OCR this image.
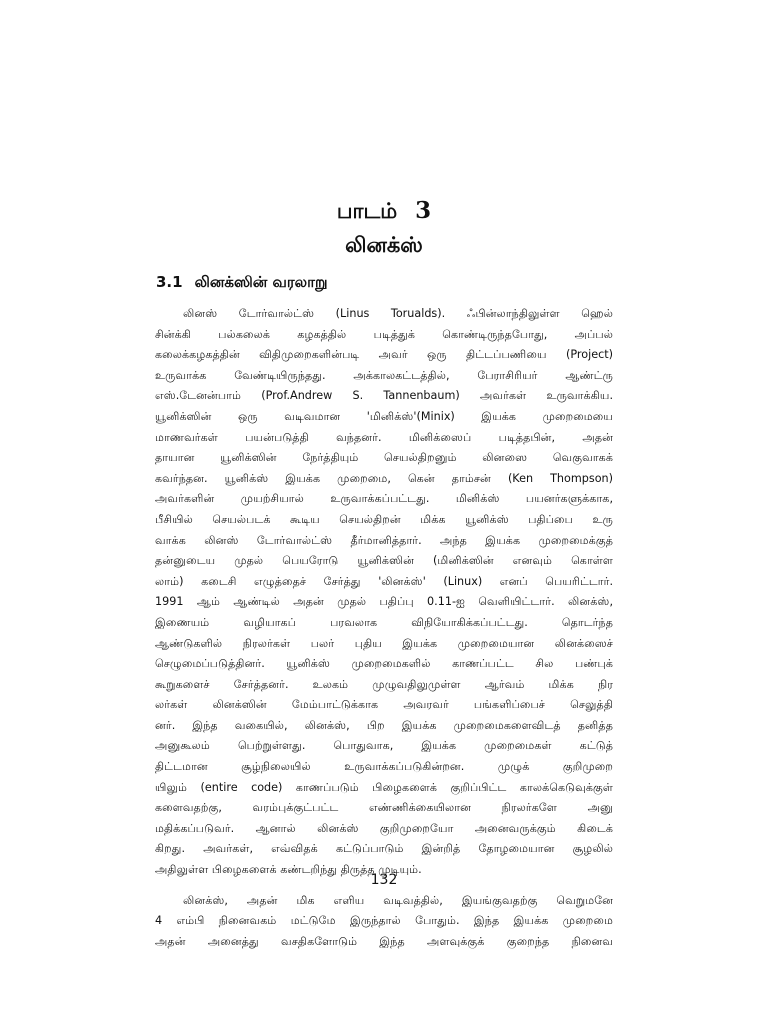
பாடம் 3
லினக்ஸ்
3.1 லினக்ஸின் வரலாறு
லினஸ் டோர்வால்ட்ஸ் (Linus Torualds). ஃபின்லாந்திலுள்ள ஹெல்
சின்க்கி பல்கலைக் கழகத்தில் படித்துக் கொண்டிருந்தபோது, அப்பல்
கலைக்கழகத்தின் விதிமுறைகளின்படி அவர் ஒரு திட்டப்பணியை (Project)
உருவாக்க வேண்டியிருந்தது. அக்காலகட்டத்தில், பேராசிரியர் ஆண்ட்ரு
எஸ்.டேனன்பாம் (Prof.Andrew S. Tannenbaum) அவர்கள் உருவாக்கிய.
யூனிக்ஸின் ஒரு வடிவமான 'மினிக்ஸ்'(Minix) இயக்க முறைமையை
மாணவர்கள் பயன்படுத்தி வந்தனர். மினிக்ஸைப் படித்தபின், அதன்
தாயான யூனிக்ஸின் நேர்த்தியும் செயல்திறனும் லினஸை வெகுவாகக்
கவர்ந்தன. யூனிக்ஸ் இயக்க முறைமை, கென் தாம்சன் (Ken Thompson)
அவர்களின் முயற்சியால் உருவாக்கப்பட்டது. மினிக்ஸ் பயனர்களுக்காக,
பீசியில் செயல்படக் கூடிய செயல்திறன் மிக்க யூனிக்ஸ் பதிப்பை உரு
வாக்க லினஸ் டோர்வால்ட்ஸ் தீர்மானித்தார். அந்த இயக்க முறைமைக்குத்
தன்னுடைய முதல் பெயரோடு யூனிக்ஸின் (மினிக்ஸின் எனவும் கொள்ள
லாம்) கடைசி எழுத்தைச் சேர்த்து 'லினக்ஸ்' (Linux) எனப் பெயரிட்டார்.
1991 ஆம் ஆண்டில் அதன் முதல் பதிப்பு 0.11-ஐ வெளியிட்டார். லினக்ஸ்,
இணையம் வழியாகப் பரவலாக விநியோகிக்கப்பட்டது. தொடர்ந்த
ஆண்டுகளில் நிரலர்கள் பலர் புதிய இயக்க முறைமையான லினக்ஸைச்
செழுமைப்படுத்தினர். யூனிக்ஸ் முறைமைகளில் காணப்பட்ட சில பண்புக்
கூறுகளைச் சேர்த்தனர். உலகம் முழுவதிலுமுள்ள ஆர்வம் மிக்க நிர
லர்கள் லினக்ஸின் மேம்பாட்டுக்காக அவரவர் பங்களிப்பைச் செலுத்தி
னர். இந்த வகையில், லினக்ஸ், பிற இயக்க முறைமைகளைவிடத் தனித்த
அனுகூலம் பெற்றுள்ளது. பொதுவாக, இயக்க முறைமைகள் கட்டுத்
திட்டமான சூழ்நிலையில் உருவாக்கப்படுகின்றன. முழுக் குறிமுறை
யிலும் (entire code) காணப்படும் பிழைகளைக் குறிப்பிட்ட காலக்கெடுவுக்குள்
களைவதற்கு, வரம்புக்குட்பட்ட எண்ணிக்கையிலான நிரலர்களே அனு
மதிக்கப்படுவர். ஆனால் லினக்ஸ் குறிமுறையோ அனைவருக்கும் கிடைக்
கிறது. அவர்கள், எவ்விதக் கட்டுப்பாடும் இன்றித் தோழமையான சூழலில்
அதிலுள்ள பிழைகளைக் கண்டறிந்து திருத்த முடியும்.
லினக்ஸ், அதன் மிக எளிய வடிவத்தில், இயங்குவதற்கு வெறுமனே
4 எம்பி நினைவகம் மட்டுமே இருந்தால் போதும். இந்த இயக்க முறைமை
அதன் அனைத்து வசதிகளோடும் இந்த அளவுக்குக் குறைந்த நினைவ
132
